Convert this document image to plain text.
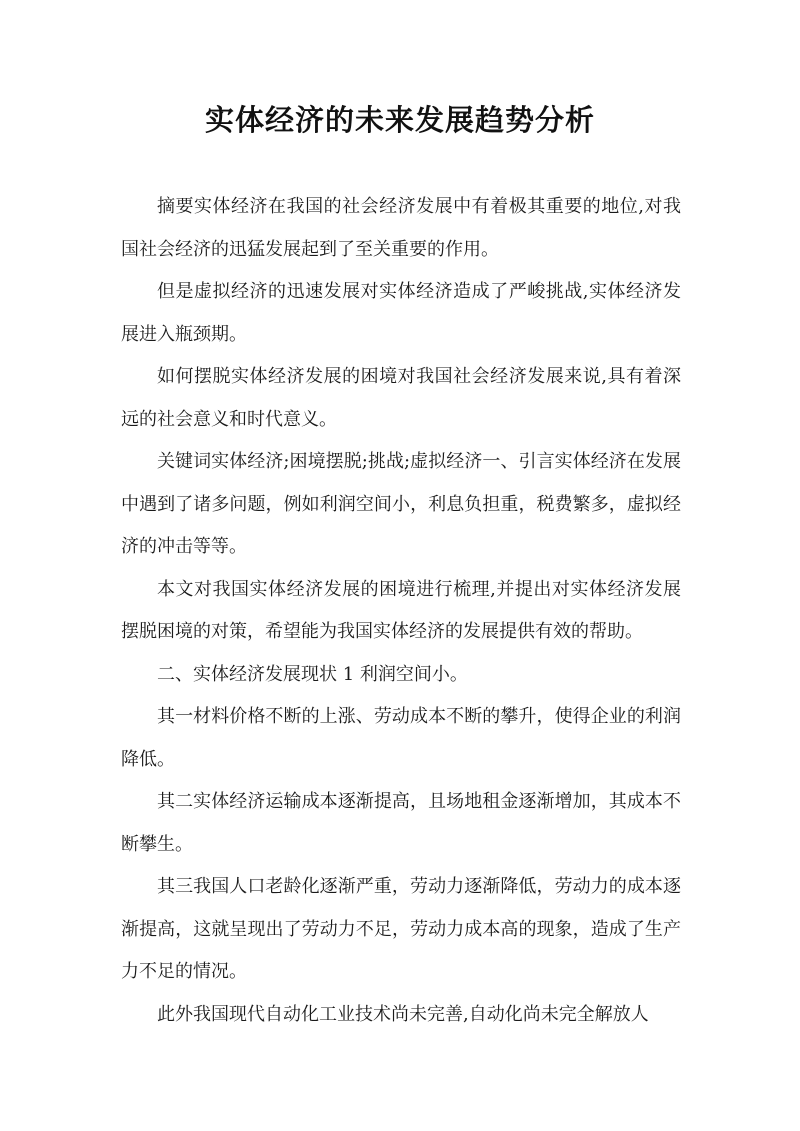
实体经济的未来发展趋势分析

摘要实体经济在我国的社会经济发展中有着极其重要的地位,对我国社会经济的迅猛发展起到了至关重要的作用。

但是虚拟经济的迅速发展对实体经济造成了严峻挑战,实体经济发展进入瓶颈期。

如何摆脱实体经济发展的困境对我国社会经济发展来说,具有着深远的社会意义和时代意义。

关键词实体经济;困境摆脱;挑战;虚拟经济一、引言实体经济在发展中遇到了诸多问题，例如利润空间小，利息负担重，税费繁多，虚拟经济的冲击等等。

本文对我国实体经济发展的困境进行梳理,并提出对实体经济发展摆脱困境的对策，希望能为我国实体经济的发展提供有效的帮助。

二、实体经济发展现状 1 利润空间小。

其一材料价格不断的上涨、劳动成本不断的攀升，使得企业的利润降低。

其二实体经济运输成本逐渐提高，且场地租金逐渐增加，其成本不断攀生。

其三我国人口老龄化逐渐严重，劳动力逐渐降低，劳动力的成本逐渐提高，这就呈现出了劳动力不足，劳动力成本高的现象，造成了生产力不足的情况。

此外我国现代自动化工业技术尚未完善,自动化尚未完全解放人
